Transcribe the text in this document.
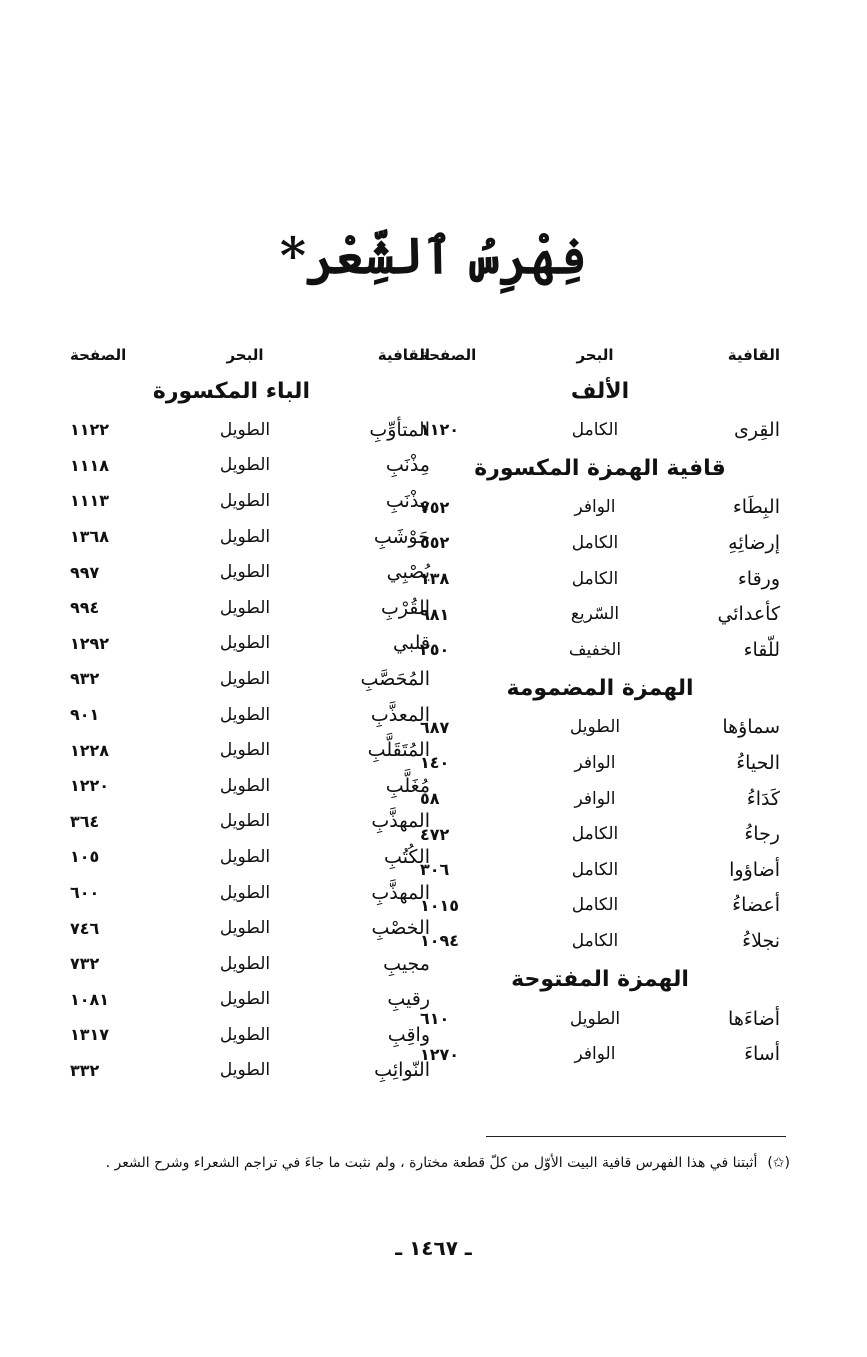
فِهْرِسُ ٱلشِّعْر*
القافية
البحر
الصفحة
الألف
القِرى
الكامل
١١٢٠
قافية الهمزة المكسورة
البِطَاء
الوافر
٧٥٢
إرضائِهِ
الكامل
٥٥٢
ورقاء
الكامل
١٣٨
كأعدائي
السّريع
٩٨١
للّقاء
الخفيف
٢٥٠
الهمزة المضمومة
سماؤها
الطويل
٦٨٧
الحياءُ
الوافر
١٤٠
كَدَاءُ
الوافر
٥٨
رجاءُ
الكامل
٤٧٢
أضاؤوا
الكامل
٣٠٦
أعضاءُ
الكامل
١٠١٥
نجلاءُ
الكامل
١٠٩٤
الهمزة المفتوحة
أضاءَها
الطويل
٦١٠
أساءَ
الوافر
١٢٧٠
القافية
البحر
الصفحة
الباء المكسورة
المتأوِّبِ
الطويل
١١٢٢
مِذْنَبِ
الطويل
١١١٨
مِذْنَبِ
الطويل
١١١٣
حَوْشَبِ
الطويل
١٣٦٨
يُصْبِي
الطويل
٩٩٧
القُرْبِ
الطويل
٩٩٤
قلبي
الطويل
١٢٩٢
المُحَصَّبِ
الطويل
٩٣٢
المعذَّبِ
الطويل
٩٠١
المُتَقَلَّبِ
الطويل
١٢٢٨
مُغَلَّبِ
الطويل
١٢٢٠
المهذَّبِ
الطويل
٣٦٤
الكُتُبِ
الطويل
١٠٥
المهذَّبِ
الطويل
٦٠٠
الخصْبِ
الطويل
٧٤٦
مجيبِ
الطويل
٧٣٢
رقيبِ
الطويل
١٠٨١
واقِبِ
الطويل
١٣١٧
النّوائِبِ
الطويل
٣٣٢
(✩)أثبتنا في هذا الفهرس قافية البيت الأوّل من كلّ قطعة مختارة ، ولم نثبت ما جاءَ في تراجم الشعراء وشرح الشعر .
ـ ١٤٦٧ ـ
